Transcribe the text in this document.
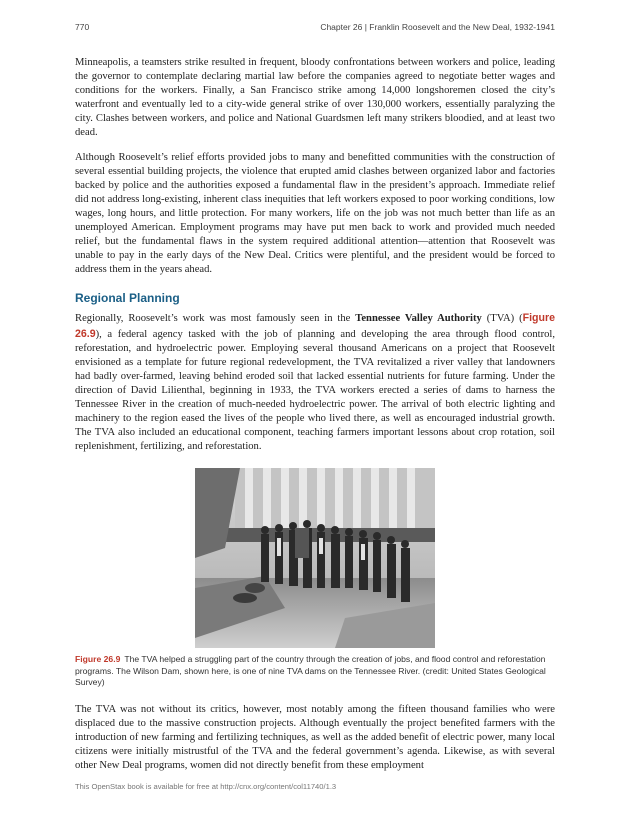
770	Chapter 26 | Franklin Roosevelt and the New Deal, 1932-1941

Minneapolis, a teamsters strike resulted in frequent, bloody confrontations between workers and police, leading the governor to contemplate declaring martial law before the companies agreed to negotiate better wages and conditions for the workers. Finally, a San Francisco strike among 14,000 longshoremen closed the city’s waterfront and eventually led to a city-wide general strike of over 130,000 workers, essentially paralyzing the city. Clashes between workers, and police and National Guardsmen left many strikers bloodied, and at least two dead.

Although Roosevelt’s relief efforts provided jobs to many and benefitted communities with the construction of several essential building projects, the violence that erupted amid clashes between organized labor and factories backed by police and the authorities exposed a fundamental flaw in the president’s approach. Immediate relief did not address long-existing, inherent class inequities that left workers exposed to poor working conditions, low wages, long hours, and little protection. For many workers, life on the job was not much better than life as an unemployed American. Employment programs may have put men back to work and provided much needed relief, but the fundamental flaws in the system required additional attention—attention that Roosevelt was unable to pay in the early days of the New Deal. Critics were plentiful, and the president would be forced to address them in the years ahead.

Regional Planning

Regionally, Roosevelt’s work was most famously seen in the Tennessee Valley Authority (TVA) (Figure 26.9), a federal agency tasked with the job of planning and developing the area through flood control, reforestation, and hydroelectric power. Employing several thousand Americans on a project that Roosevelt envisioned as a template for future regional redevelopment, the TVA revitalized a river valley that landowners had badly over-farmed, leaving behind eroded soil that lacked essential nutrients for future farming. Under the direction of David Lilienthal, beginning in 1933, the TVA workers erected a series of dams to harness the Tennessee River in the creation of much-needed hydroelectric power. The arrival of both electric lighting and machinery to the region eased the lives of the people who lived there, as well as encouraged industrial growth. The TVA also included an educational component, teaching farmers important lessons about crop rotation, soil replenishment, fertilizing, and reforestation.

Figure 26.9 The TVA helped a struggling part of the country through the creation of jobs, and flood control and reforestation programs. The Wilson Dam, shown here, is one of nine TVA dams on the Tennessee River. (credit: United States Geological Survey)

The TVA was not without its critics, however, most notably among the fifteen thousand families who were displaced due to the massive construction projects. Although eventually the project benefited farmers with the introduction of new farming and fertilizing techniques, as well as the added benefit of electric power, many local citizens were initially mistrustful of the TVA and the federal government’s agenda. Likewise, as with several other New Deal programs, women did not directly benefit from these employment

This OpenStax book is available for free at http://cnx.org/content/col11740/1.3
